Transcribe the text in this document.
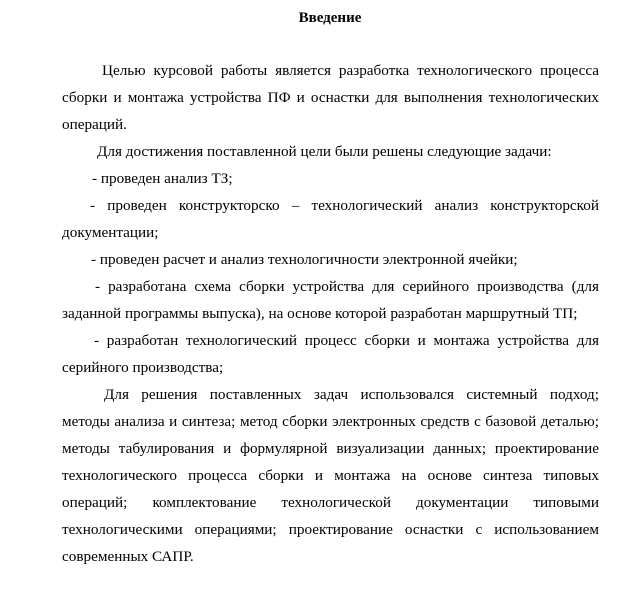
Введение

Целью курсовой работы является разработка технологического процесса сборки и монтажа устройства ПФ и оснастки для выполнения технологических операций.

Для достижения поставленной цели были решены следующие задачи:

- проведен анализ ТЗ;

- проведен конструкторско – технологический анализ конструкторской документации;

- проведен расчет и анализ технологичности электронной ячейки;

- разработана схема сборки устройства для серийного производства (для заданной программы выпуска), на основе которой разработан маршрутный ТП;

- разработан технологический процесс сборки и монтажа устройства для серийного производства;

Для решения поставленных задач использовался системный подход; методы анализа и синтеза; метод сборки электронных средств с базовой деталью; методы табулирования и формулярной визуализации данных; проектирование технологического процесса сборки и монтажа на основе синтеза типовых операций; комплектование технологической документации типовыми технологическими операциями; проектирование оснастки с использованием современных САПР.
